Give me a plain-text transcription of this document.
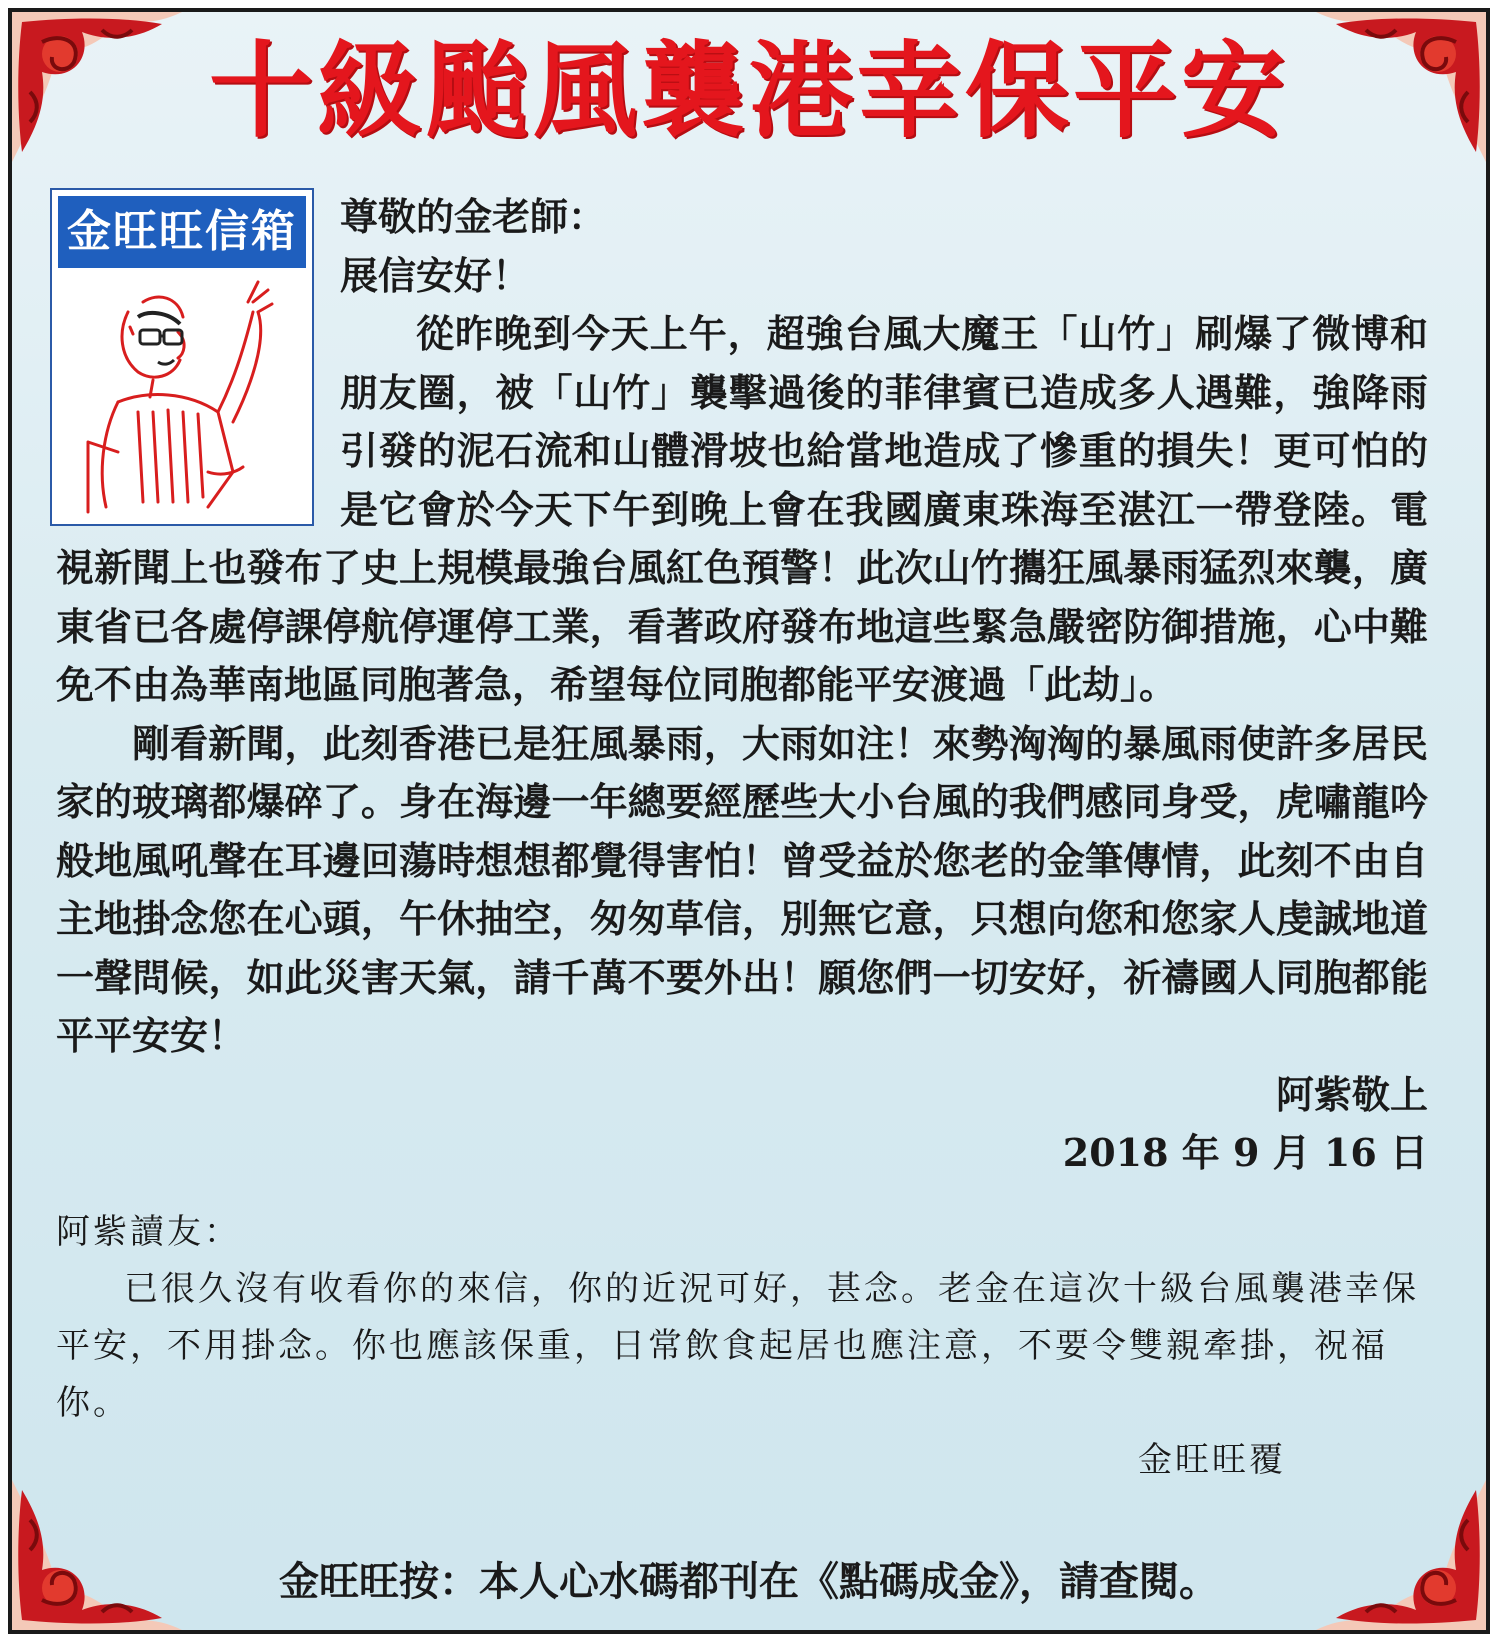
十級颱風襲港幸保平安
金旺旺信箱	尊敬的金老師：

展信安好！

從昨晚到今天上午，超強台風大魔王「山竹」刷爆了微博和朋友圈，被「山竹」襲擊過後的菲律賓已造成多人遇難，強降雨引發的泥石流和山體滑坡也給當地造成了慘重的損失！更可怕的是它會於今天下午到晚上會在我國廣東珠海至湛江一帶登陸。電視新聞上也發布了史上規模最強台風紅色預警！此次山竹攜狂風暴雨猛烈來襲，廣東省已各處停課停航停運停工業，看著政府發布地這些緊急嚴密防御措施，心中難免不由為華南地區同胞著急，希望每位同胞都能平安渡過「此劫」。

剛看新聞，此刻香港已是狂風暴雨，大雨如注！來勢洶洶的暴風雨使許多居民家的玻璃都爆碎了。身在海邊一年總要經歷些大小台風的我們感同身受，虎嘯龍吟般地風吼聲在耳邊回蕩時想想都覺得害怕！曾受益於您老的金筆傳情，此刻不由自主地掛念您在心頭，午休抽空，匆匆草信，別無它意，只想向您和您家人虔誠地道一聲問候，如此災害天氣，請千萬不要外出！願您們一切安好，祈禱國人同胞都能平平安安！

阿紫敬上

2018 年 9 月 16 日

阿紫讀友：

已很久沒有收看你的來信，你的近況可好，甚念。老金在這次十級台風襲港幸保平安，不用掛念。你也應該保重，日常飲食起居也應注意，不要令雙親牽掛，祝福你。

金旺旺覆
金旺旺按：本人心水碼都刊在《點碼成金》，請查閱。
